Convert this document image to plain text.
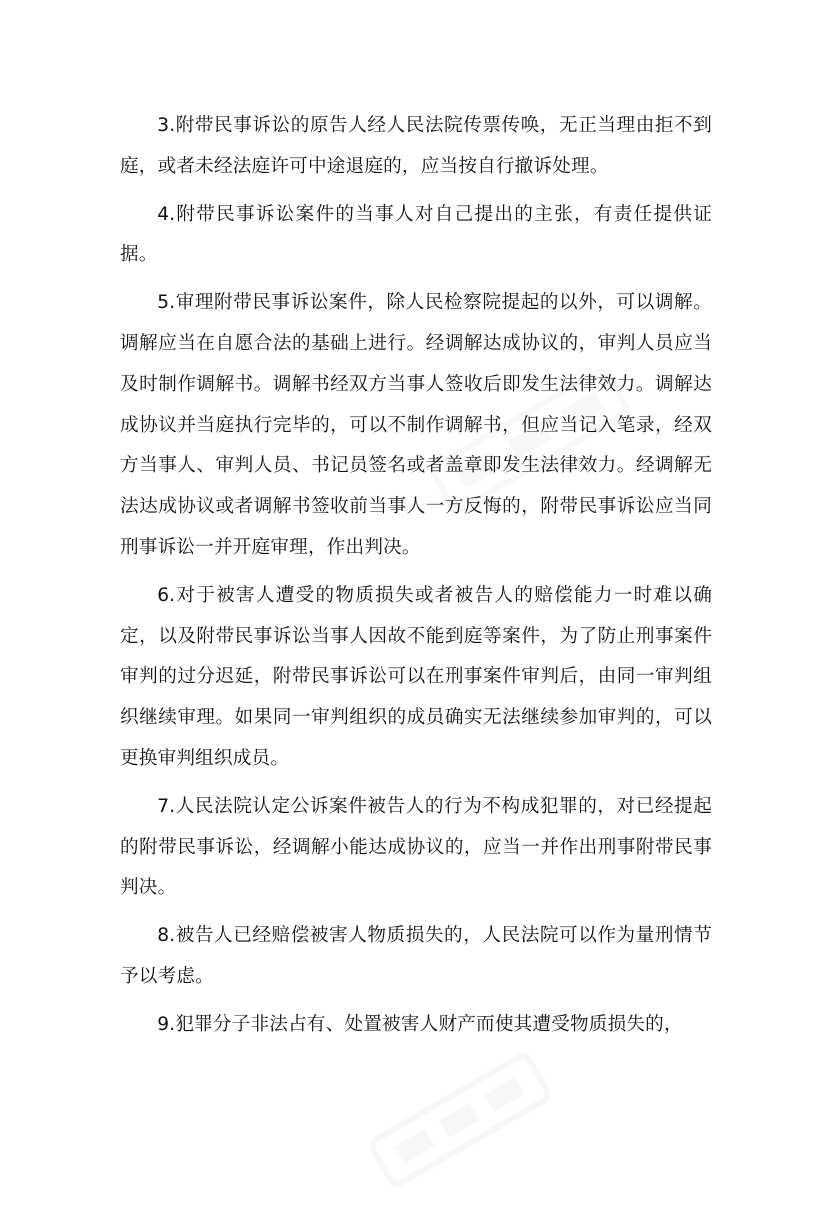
3.附带民事诉讼的原告人经人民法院传票传唤，无正当理由拒不到庭，或者未经法庭许可中途退庭的，应当按自行撤诉处理。

4.附带民事诉讼案件的当事人对自己提出的主张，有责任提供证据。

5.审理附带民事诉讼案件，除人民检察院提起的以外，可以调解。调解应当在自愿合法的基础上进行。经调解达成协议的，审判人员应当及时制作调解书。调解书经双方当事人签收后即发生法律效力。调解达成协议并当庭执行完毕的，可以不制作调解书，但应当记入笔录，经双方当事人、审判人员、书记员签名或者盖章即发生法律效力。经调解无法达成协议或者调解书签收前当事人一方反悔的，附带民事诉讼应当同刑事诉讼一并开庭审理，作出判决。

6.对于被害人遭受的物质损失或者被告人的赔偿能力一时难以确定，以及附带民事诉讼当事人因故不能到庭等案件，为了防止刑事案件审判的过分迟延，附带民事诉讼可以在刑事案件审判后，由同一审判组织继续审理。如果同一审判组织的成员确实无法继续参加审判的，可以更换审判组织成员。

7.人民法院认定公诉案件被告人的行为不构成犯罪的，对已经提起的附带民事诉讼，经调解小能达成协议的，应当一并作出刑事附带民事判决。

8.被告人已经赔偿被害人物质损失的，人民法院可以作为量刑情节予以考虑。

9.犯罪分子非法占有、处置被害人财产而使其遭受物质损失的，
